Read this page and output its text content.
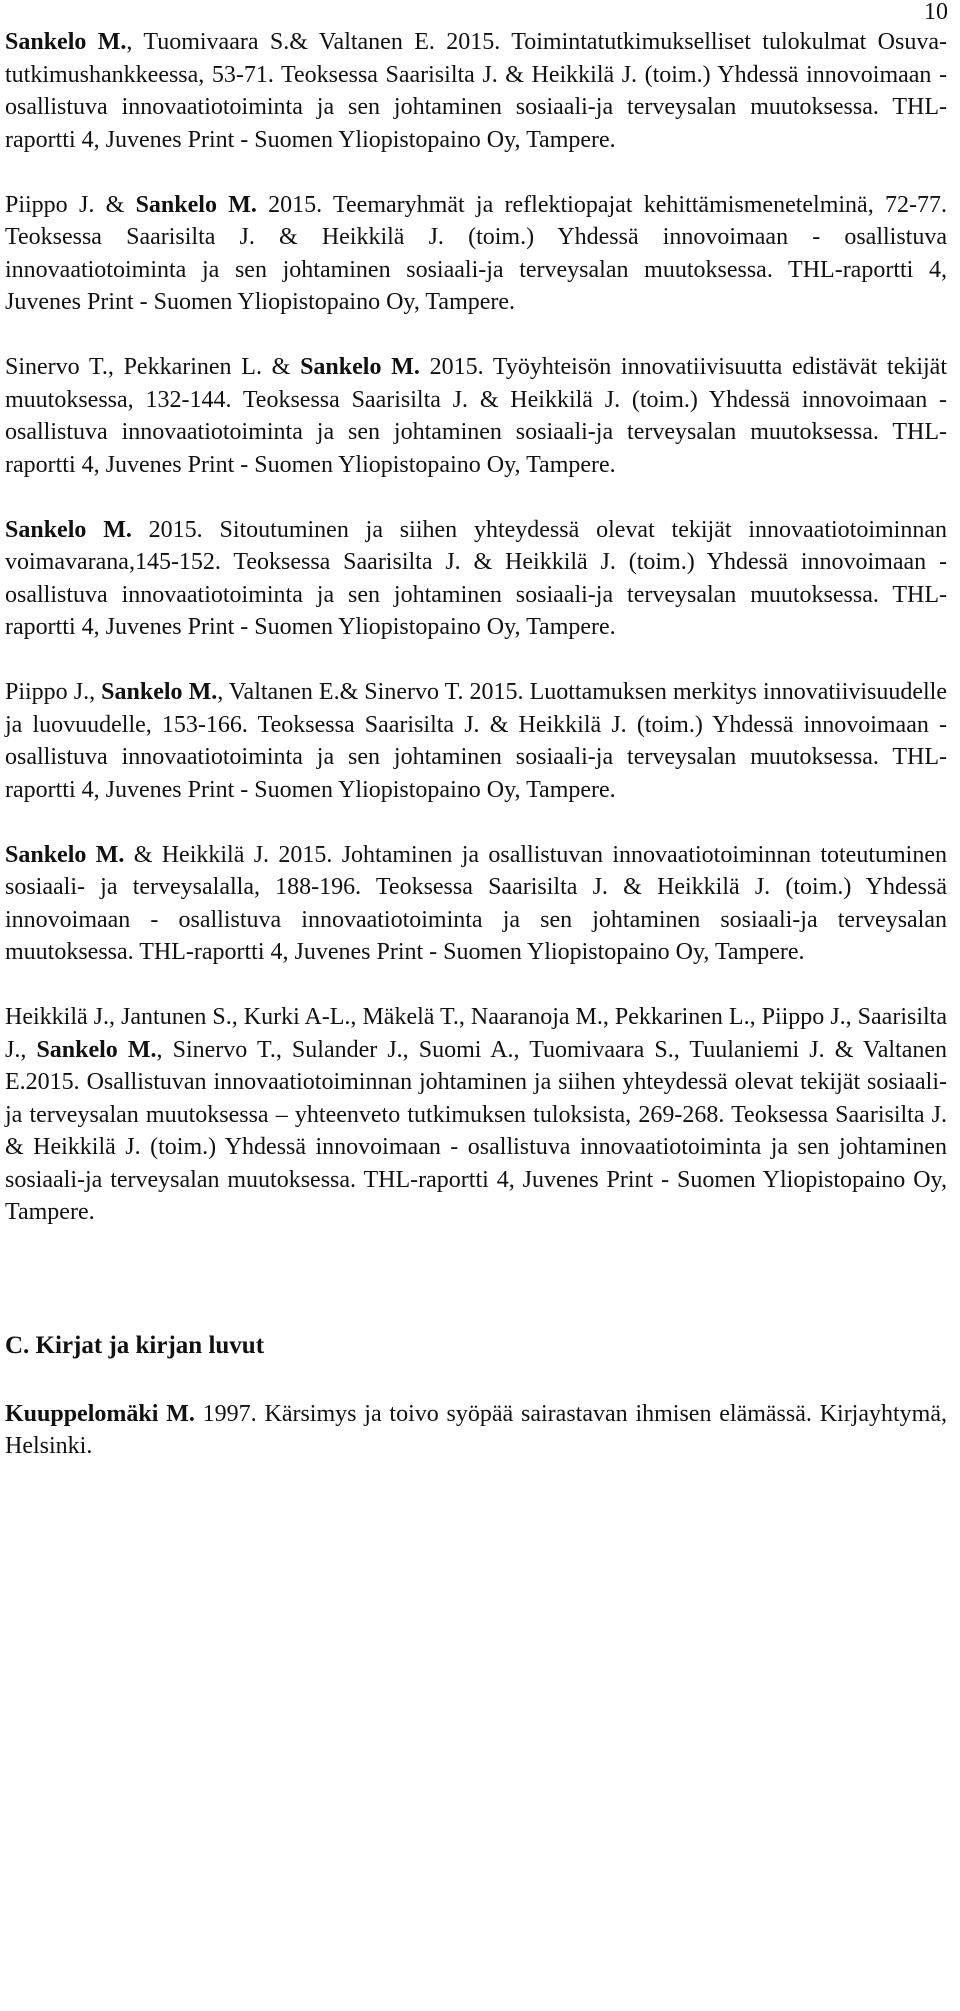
10

Sankelo M., Tuomivaara S.& Valtanen E. 2015. Toimintatutkimukselliset tulokulmat Osuva-tutkimushankkeessa, 53-71. Teoksessa Saarisilta J. & Heikkilä J. (toim.) Yhdessä innovoimaan - osallistuva innovaatiotoiminta ja sen johtaminen sosiaali-ja terveysalan muutoksessa. THL-raportti 4, Juvenes Print - Suomen Yliopistopaino Oy, Tampere.

Piippo J. & Sankelo M. 2015. Teemaryhmät ja reflektiopajat kehittämismenetelminä, 72-77. Teoksessa Saarisilta J. & Heikkilä J. (toim.) Yhdessä innovoimaan - osallistuva innovaatiotoiminta ja sen johtaminen sosiaali-ja terveysalan muutoksessa. THL-raportti 4, Juvenes Print - Suomen Yliopistopaino Oy, Tampere.

Sinervo T., Pekkarinen L. & Sankelo M. 2015. Työyhteisön innovatiivisuutta edistävät tekijät muutoksessa, 132-144. Teoksessa Saarisilta J. & Heikkilä J. (toim.) Yhdessä innovoimaan - osallistuva innovaatiotoiminta ja sen johtaminen sosiaali-ja terveysalan muutoksessa. THL-raportti 4, Juvenes Print - Suomen Yliopistopaino Oy, Tampere.

Sankelo M. 2015. Sitoutuminen ja siihen yhteydessä olevat tekijät innovaatiotoiminnan voimavarana,145-152. Teoksessa Saarisilta J. & Heikkilä J. (toim.) Yhdessä innovoimaan - osallistuva innovaatiotoiminta ja sen johtaminen sosiaali-ja terveysalan muutoksessa. THL-raportti 4, Juvenes Print - Suomen Yliopistopaino Oy, Tampere.

Piippo J., Sankelo M., Valtanen E.& Sinervo T. 2015. Luottamuksen merkitys innovatiivisuudelle ja luovuudelle, 153-166. Teoksessa Saarisilta J. & Heikkilä J. (toim.) Yhdessä innovoimaan - osallistuva innovaatiotoiminta ja sen johtaminen sosiaali-ja terveysalan muutoksessa. THL-raportti 4, Juvenes Print - Suomen Yliopistopaino Oy, Tampere.

Sankelo M. & Heikkilä J. 2015. Johtaminen ja osallistuvan innovaatiotoiminnan toteutuminen sosiaali- ja terveysalalla, 188-196. Teoksessa Saarisilta J. & Heikkilä J. (toim.) Yhdessä innovoimaan - osallistuva innovaatiotoiminta ja sen johtaminen sosiaali-ja terveysalan muutoksessa. THL-raportti 4, Juvenes Print - Suomen Yliopistopaino Oy, Tampere.

Heikkilä J., Jantunen S., Kurki A-L., Mäkelä T., Naaranoja M., Pekkarinen L., Piippo J., Saarisilta J., Sankelo M., Sinervo T., Sulander J., Suomi A., Tuomivaara S., Tuulaniemi J. & Valtanen E.2015. Osallistuvan innovaatiotoiminnan johtaminen ja siihen yhteydessä olevat tekijät sosiaali-ja terveysalan muutoksessa – yhteenveto tutkimuksen tuloksista, 269-268. Teoksessa Saarisilta J. & Heikkilä J. (toim.) Yhdessä innovoimaan - osallistuva innovaatiotoiminta ja sen johtaminen sosiaali-ja terveysalan muutoksessa. THL-raportti 4, Juvenes Print - Suomen Yliopistopaino Oy, Tampere.

C. Kirjat ja kirjan luvut

Kuuppelomäki M. 1997. Kärsimys ja toivo syöpää sairastavan ihmisen elämässä. Kirjayhtymä, Helsinki.
